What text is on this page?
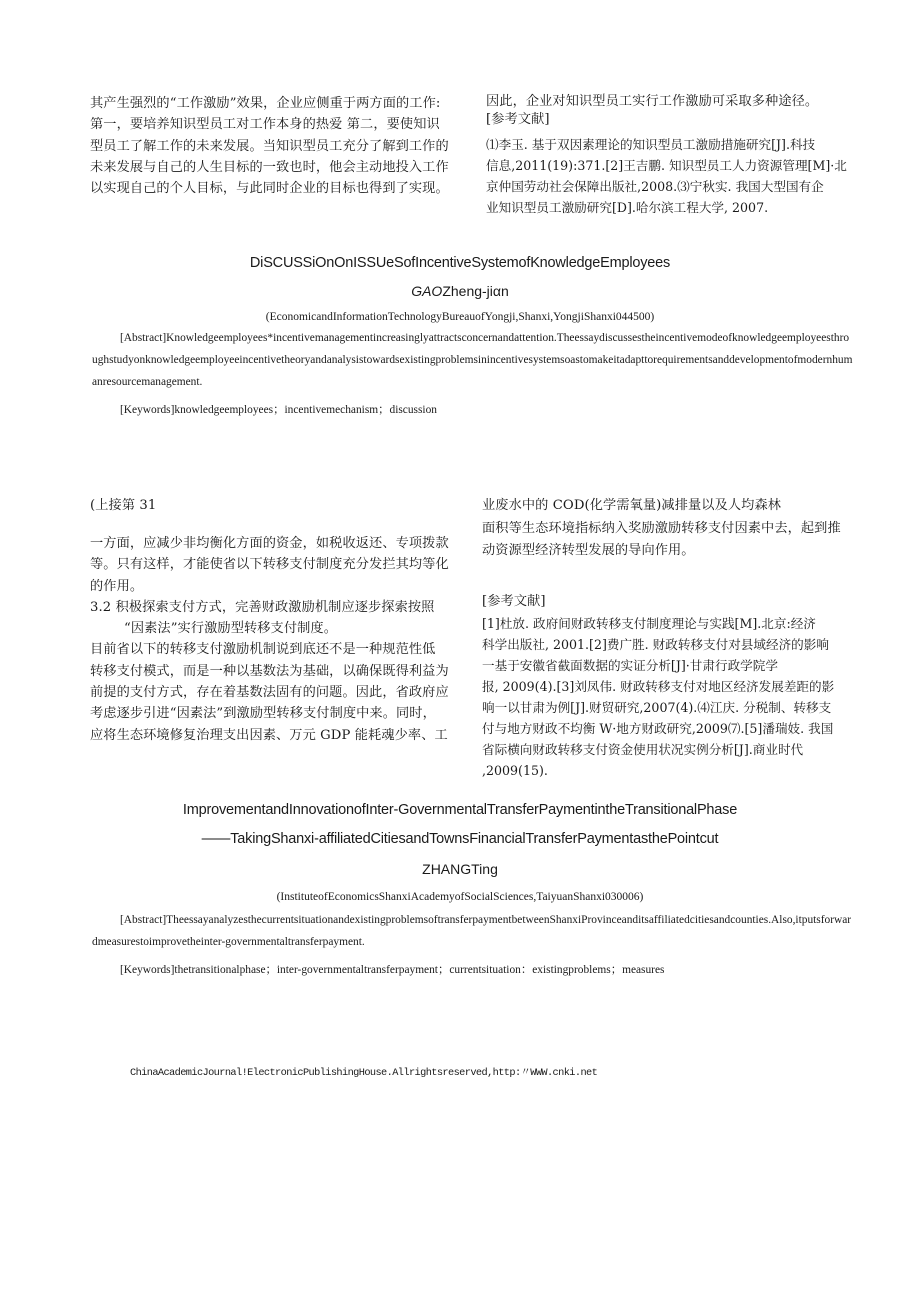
其产生强烈的“工作激励”效果，企业应侧重于两方面的工作:

第一，要培养知识型员工对工作本身的热爱 第二，要使知识

型员工了解工作的未来发展。当知识型员工充分了解到工作的

未来发展与自己的人生目标的一致也时，他会主动地投入工作

以实现自己的个人目标，与此同时企业的目标也得到了实现。

因此，企业对知识型员工实行工作激励可采取多种途径。

[参考文献]

⑴李玉. 基于双因素理论的知识型员工激励措施研究[J].科技

信息,2011(19):371.[2]王吉鹏. 知识型员工人力资源管理[M]·北

京仲国劳动社会保障出版社,2008.⑶宁秋实. 我国大型国有企

业知识型员工激励研究[D].哈尔滨工程大学, 2007.

DiSCUSSiOnOnISSUeSofIncentiveSystemofKnowledgeEmployees
GAOZheng-jiαn
(EconomicandInformationTechnologyBureauofYongji,Shanxi,YongjiShanxi044500)
[Abstract]Knowledgeemployees*incentivemanagementincreasinglyattractsconcernandattention.Theessaydiscussestheincentivemodeofknowledgeemployeesthroughstudyonknowledgeemployeeincentivetheoryandanalysistowardsexistingproblemsinincentivesystemsoastomakeitadapttorequirementsanddevelopmentofmodernhumanresourcemanagement.
[Keywords]knowledgeemployees；incentivemechanism；discussion
(上接第 31

一方面，应减少非均衡化方面的资金，如税收返还、专项拨款

等。只有这样，才能使省以下转移支付制度充分发拦其均等化

的作用。

3.2 积极探索支付方式，完善财政激励机制应逐步探索按照

“因素法”实行激励型转移支付制度。

目前省以下的转移支付激励机制说到底还不是一种规范性低

转移支付模式，而是一种以基数法为基础，以确保既得利益为

前提的支付方式，存在着基数法固有的问题。因此，省政府应

考虑逐步引进“因素法”到激励型转移支付制度中来。同时，

应将生态环境修复治理支出因素、万元 GDP 能耗魂少率、工

业废水中的 COD(化学需氧量)减排量以及人均森林

面积等生态环境指标纳入奖励激励转移支付因素中去，起到推

动资源型经济转型发展的导向作用。

[参考文献]

[1]杜放. 政府间财政转移支付制度理论与实践[M].北京:经济

科学出版社, 2001.[2]费广胜. 财政转移支付对县域经济的影响

一基于安徽省截面数据的实证分析[J]·甘肃行政学院学

报, 2009(4).[3]刘凤伟. 财政转移支付对地区经济发展差距的影

响一以甘肃为例[J].财贸研究,2007(4).⑷江庆. 分税制、转移支

付与地方财政不均衡 W·地方财政研究,2009⑺.[5]潘瑞妓. 我国

省际横向财政转移支付资金使用状况实例分析[J].商业时代

,2009(15).

ImprovementandInnovationofInter-GovernmentalTransferPaymentintheTransitionalPhase
——TakingShanxi-affiliatedCitiesandTownsFinancialTransferPaymentasthePointcut
ZHANGTing
(InstituteofEconomicsShanxiAcademyofSocialSciences,TaiyuanShanxi030006)
[Abstract]TheessayanalyzesthecurrentsituationandexistingproblemsoftransferpaymentbetweenShanxiProvinceanditsaffiliatedcitiesandcounties.Also,itputsforwardmeasurestoimprovetheinter-governmentaltransferpayment.
[Keywords]thetransitionalphase；inter-governmentaltransferpayment；currentsituation：existingproblems；measures
ChinaAcademicJournal!ElectronicPublishingHouse.Allrightsreserved,http:〃WWW.cnki.net
